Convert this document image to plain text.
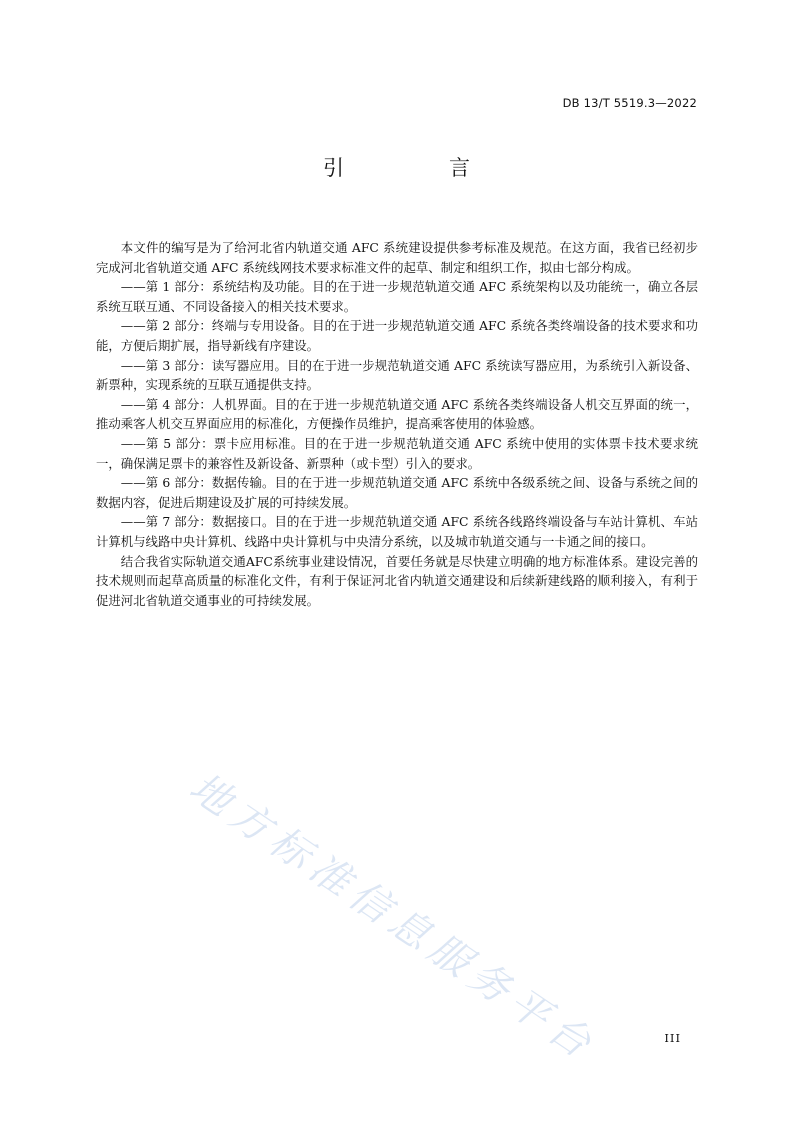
DB 13/T 5519.3—2022
引　言

本文件的编写是为了给河北省内轨道交通 AFC 系统建设提供参考标准及规范。在这方面，我省已经初步完成河北省轨道交通 AFC 系统线网技术要求标准文件的起草、制定和组织工作，拟由七部分构成。

——第 1 部分：系统结构及功能。目的在于进一步规范轨道交通 AFC 系统架构以及功能统一，确立各层系统互联互通、不同设备接入的相关技术要求。

——第 2 部分：终端与专用设备。目的在于进一步规范轨道交通 AFC 系统各类终端设备的技术要求和功能，方便后期扩展，指导新线有序建设。

——第 3 部分：读写器应用。目的在于进一步规范轨道交通 AFC 系统读写器应用，为系统引入新设备、新票种，实现系统的互联互通提供支持。

——第 4 部分：人机界面。目的在于进一步规范轨道交通 AFC 系统各类终端设备人机交互界面的统一，推动乘客人机交互界面应用的标准化，方便操作员维护，提高乘客使用的体验感。

——第 5 部分：票卡应用标准。目的在于进一步规范轨道交通 AFC 系统中使用的实体票卡技术要求统一，确保满足票卡的兼容性及新设备、新票种（或卡型）引入的要求。

——第 6 部分：数据传输。目的在于进一步规范轨道交通 AFC 系统中各级系统之间、设备与系统之间的数据内容，促进后期建设及扩展的可持续发展。

——第 7 部分：数据接口。目的在于进一步规范轨道交通 AFC 系统各线路终端设备与车站计算机、车站计算机与线路中央计算机、线路中央计算机与中央清分系统，以及城市轨道交通与一卡通之间的接口。

结合我省实际轨道交通AFC系统事业建设情况，首要任务就是尽快建立明确的地方标准体系。建设完善的技术规则而起草高质量的标准化文件，有利于保证河北省内轨道交通建设和后续新建线路的顺利接入，有利于促进河北省轨道交通事业的可持续发展。

地方标准信息服务平台	III
